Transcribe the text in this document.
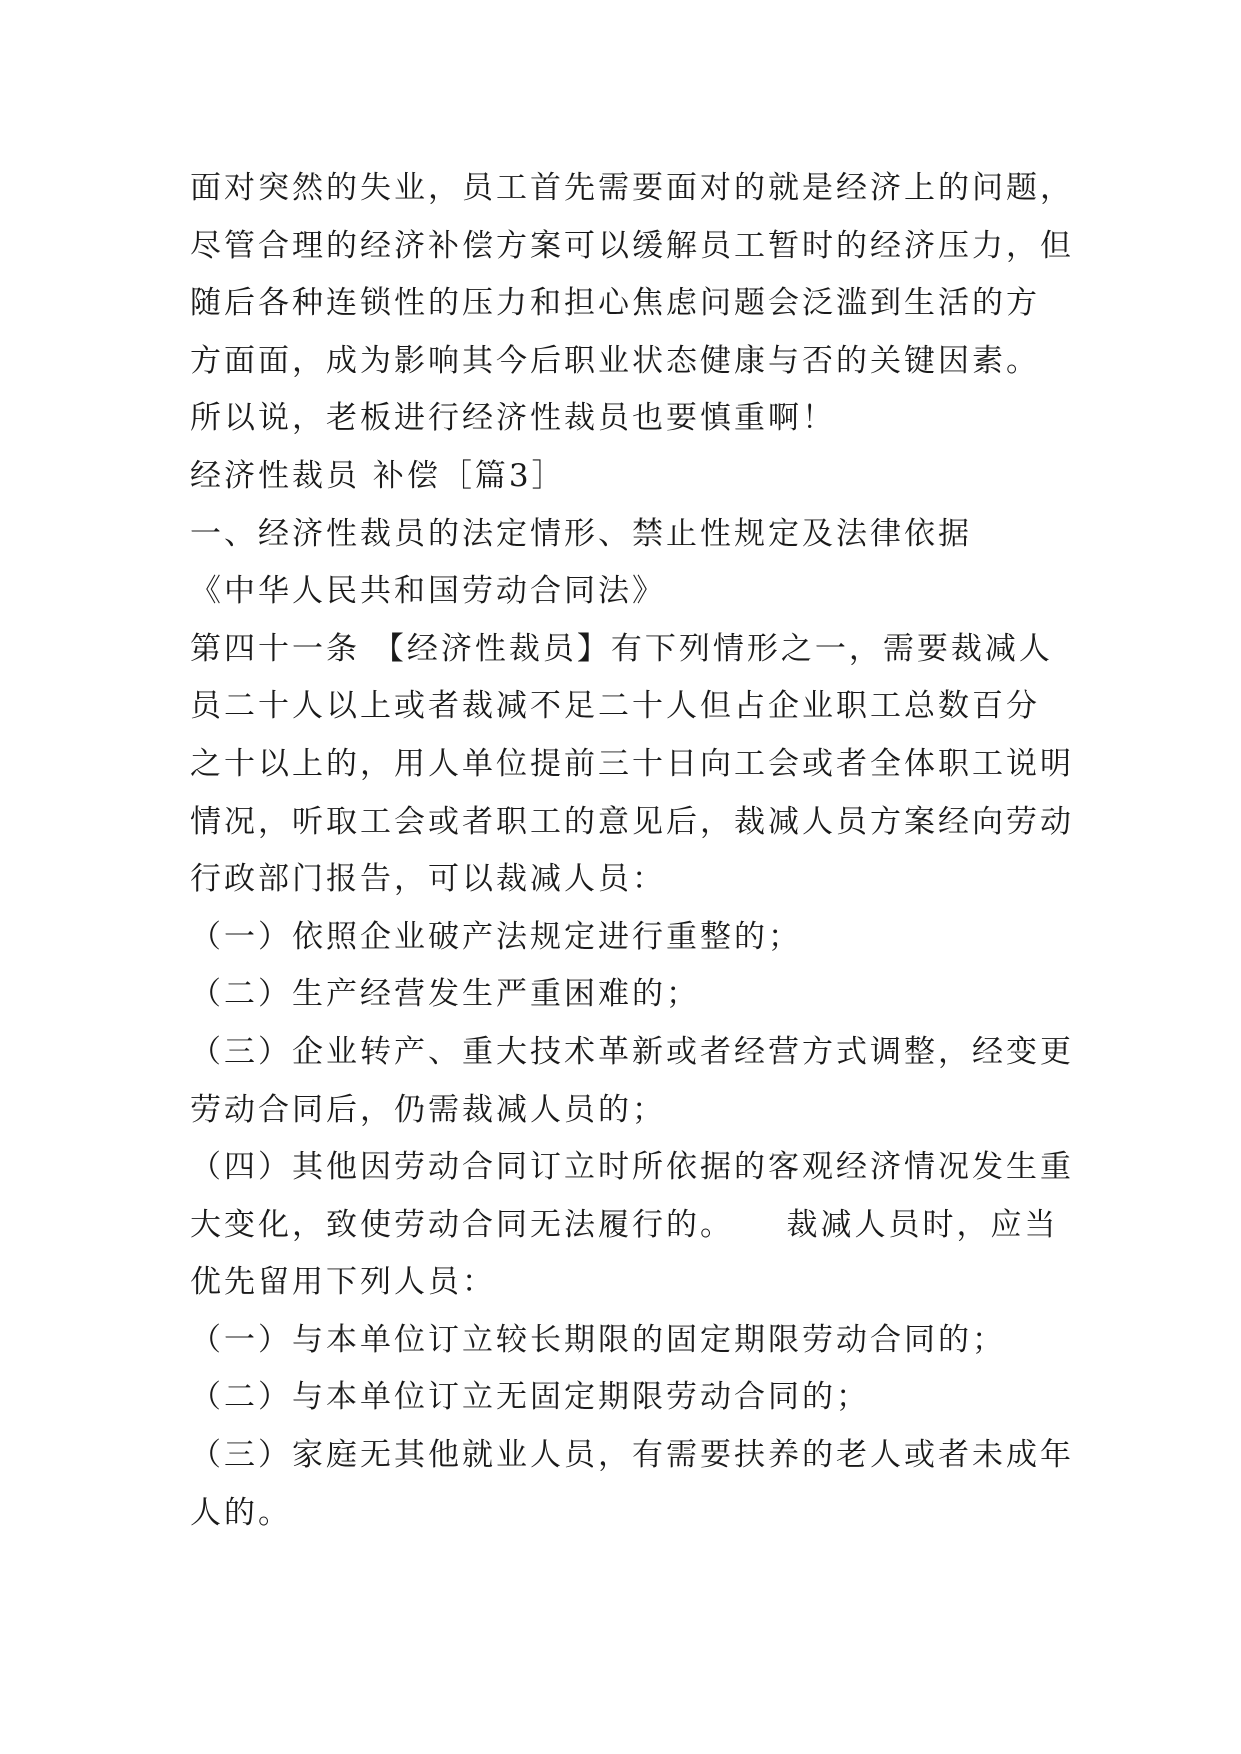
面对突然的失业，员工首先需要面对的就是经济上的问题，
尽管合理的经济补偿方案可以缓解员工暂时的经济压力，但
随后各种连锁性的压力和担心焦虑问题会泛滥到生活的方
方面面，成为影响其今后职业状态健康与否的关键因素。
所以说，老板进行经济性裁员也要慎重啊！
经济性裁员 补偿［篇3］
一、经济性裁员的法定情形、禁止性规定及法律依据
《中华人民共和国劳动合同法》
第四十一条 【经济性裁员】有下列情形之一，需要裁减人
员二十人以上或者裁减不足二十人但占企业职工总数百分
之十以上的，用人单位提前三十日向工会或者全体职工说明
情况，听取工会或者职工的意见后，裁减人员方案经向劳动
行政部门报告，可以裁减人员：
（一）依照企业破产法规定进行重整的；
（二）生产经营发生严重困难的；
（三）企业转产、重大技术革新或者经营方式调整，经变更
劳动合同后，仍需裁减人员的；
（四）其他因劳动合同订立时所依据的客观经济情况发生重
大变化，致使劳动合同无法履行的。　　裁减人员时，应当
优先留用下列人员：
（一）与本单位订立较长期限的固定期限劳动合同的；
（二）与本单位订立无固定期限劳动合同的；
（三）家庭无其他就业人员，有需要扶养的老人或者未成年
人的。
